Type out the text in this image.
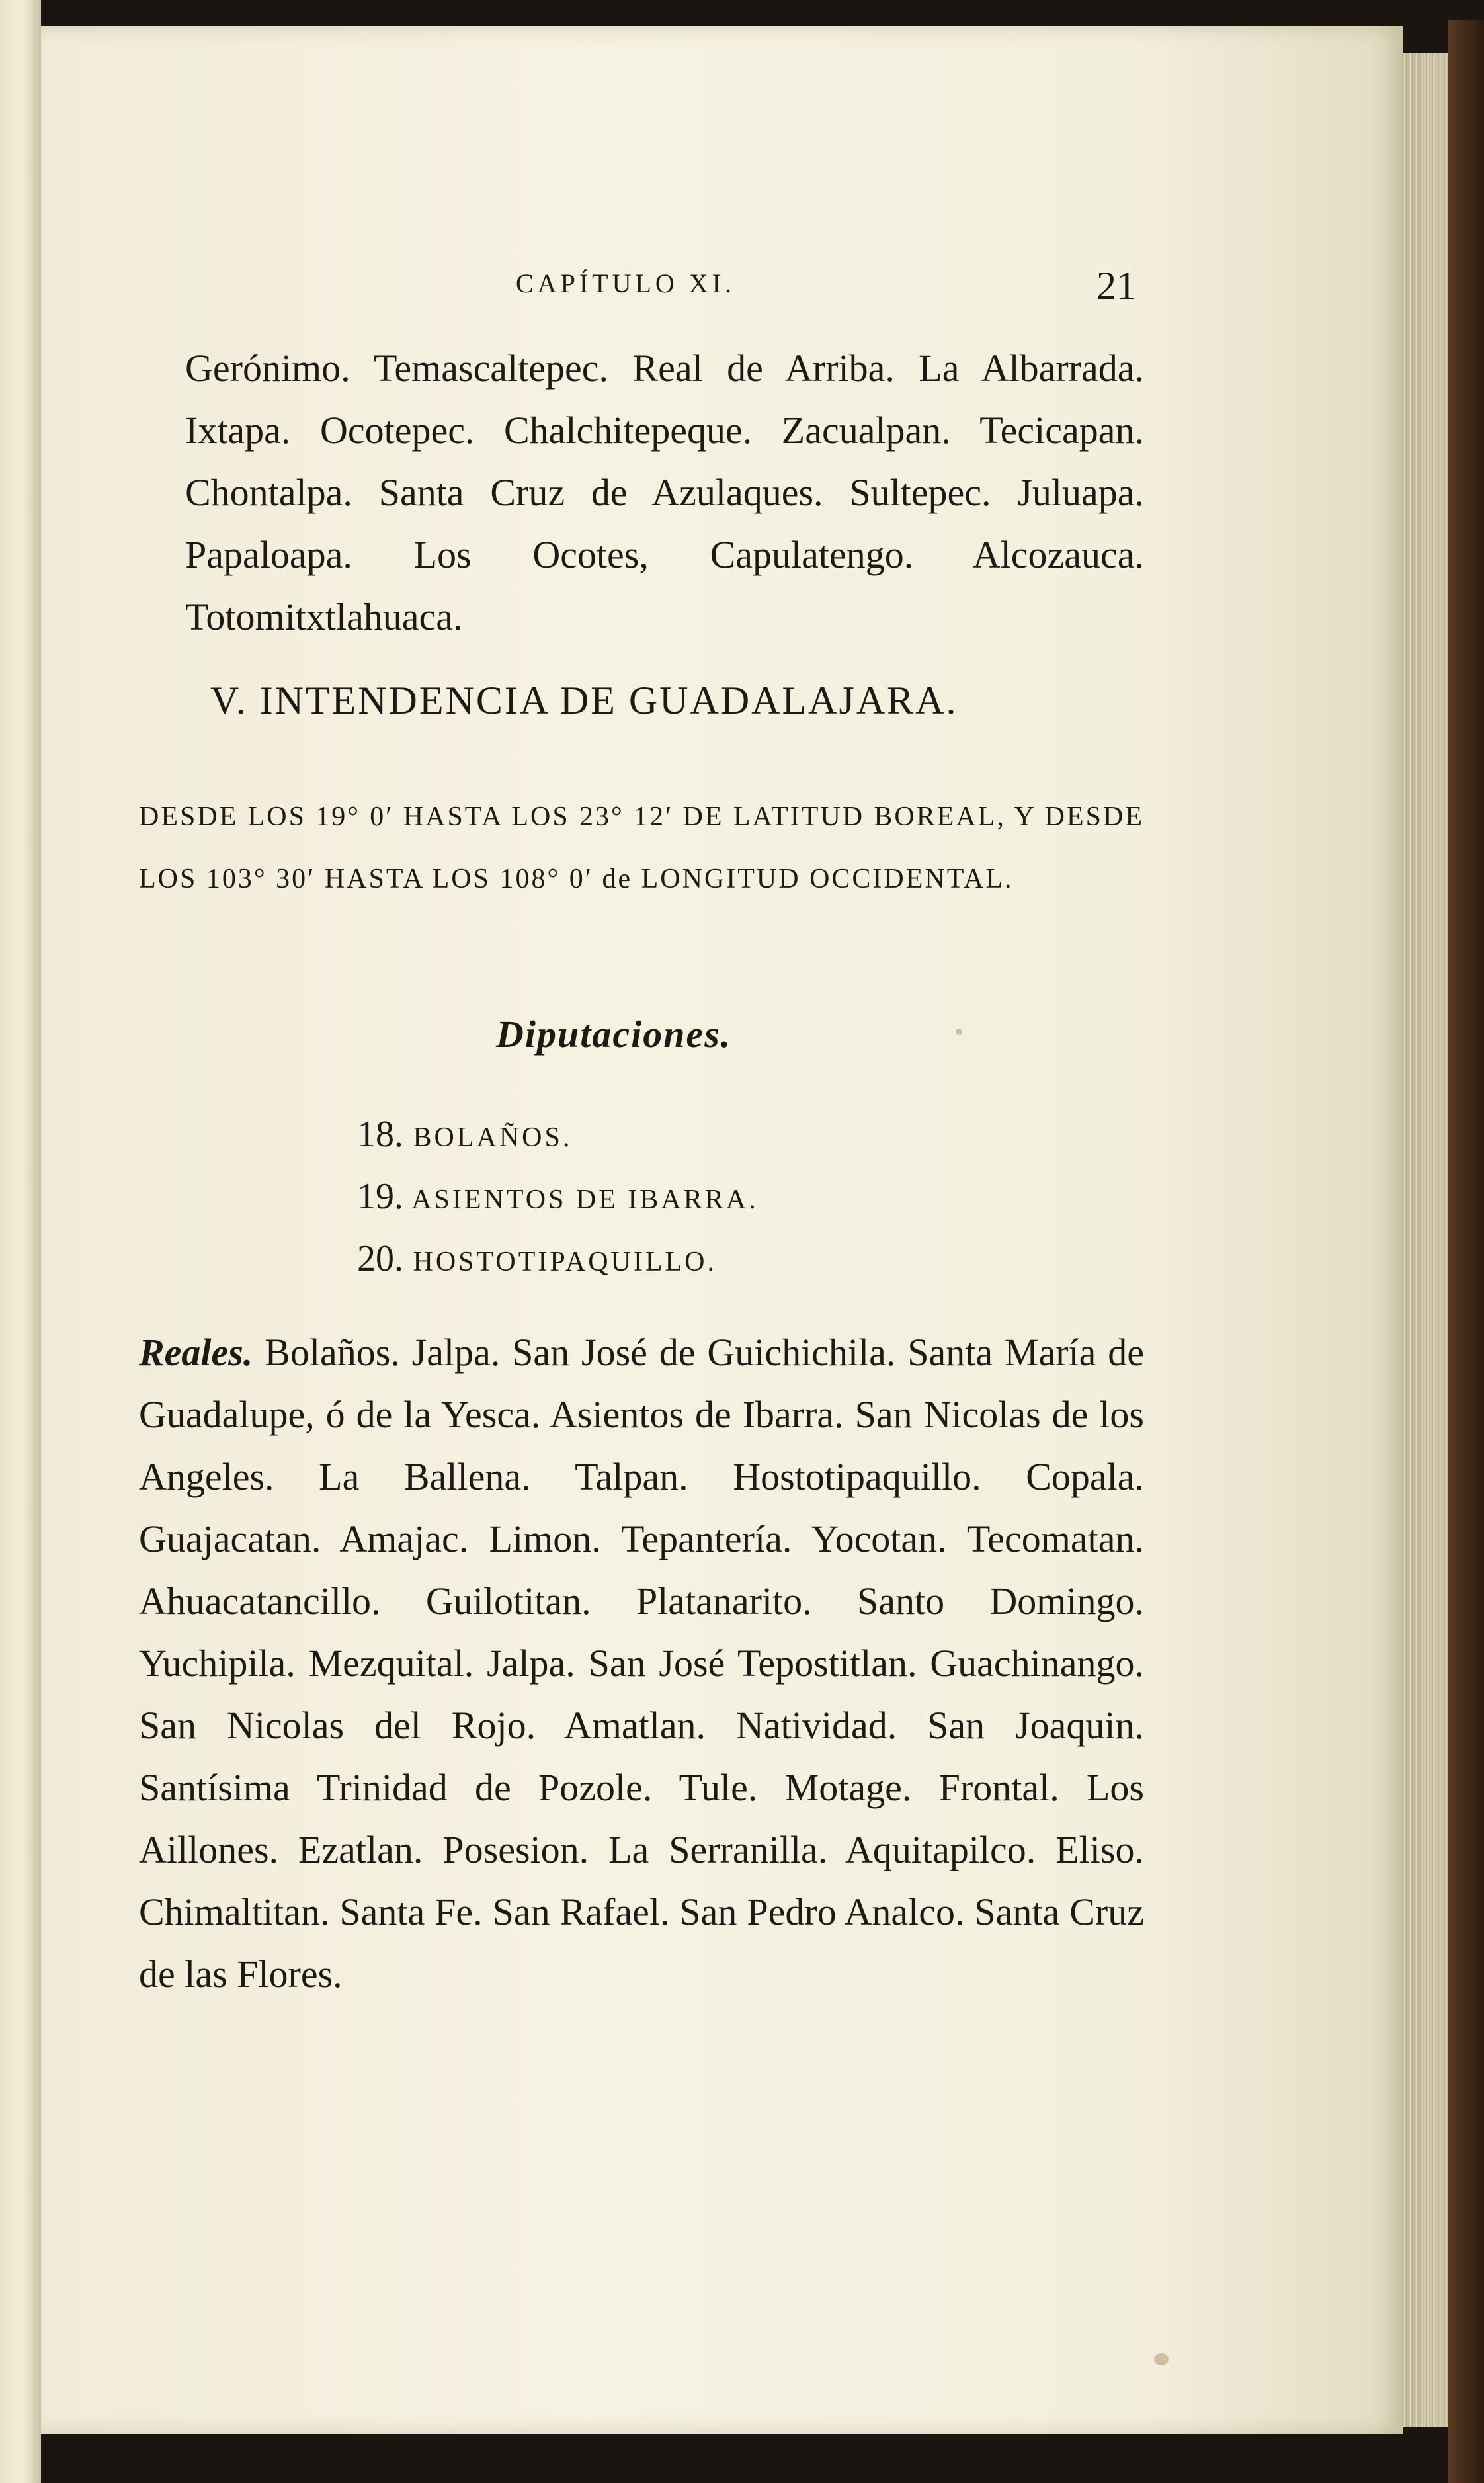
CAPÍTULO XI.	21

Gerónimo. Temascaltepec. Real de Arriba. La Albarrada. Ixtapa. Ocotepec. Chalchitepeque. Zacualpan. Tecicapan. Chontalpa. Santa Cruz de Azulaques. Sultepec. Juluapa. Papaloapa. Los Ocotes, Capulatengo. Alcozauca. Totomitxtlahuaca.

V. INTENDENCIA DE GUADALAJARA.

DESDE LOS 19° 0′ HASTA LOS 23° 12′ DE LATITUD BOREAL, Y DESDE LOS 103° 30′ HASTA LOS 108° 0′ de LONGITUD OCCIDENTAL.

Diputaciones.
18. BOLAÑOS.
19. ASIENTOS DE IBARRA.
20. HOSTOTIPAQUILLO.

Reales. Bolaños. Jalpa. San José de Guichichila. Santa María de Guadalupe, ó de la Yesca. Asientos de Ibarra. San Nicolas de los Angeles. La Ballena. Talpan. Hostotipaquillo. Copala. Guajacatan. Amajac. Limon. Tepantería. Yocotan. Tecomatan. Ahuacatancillo. Guilotitan. Platanarito. Santo Domingo. Yuchipila. Mezquital. Jalpa. San José Tepostitlan. Guachinango. San Nicolas del Rojo. Amatlan. Natividad. San Joaquin. Santísima Trinidad de Pozole. Tule. Motage. Frontal. Los Aillones. Ezatlan. Posesion. La Serranilla. Aquitapilco. Eliso. Chimaltitan. Santa Fe. San Rafael. San Pedro Analco. Santa Cruz de las Flores.
